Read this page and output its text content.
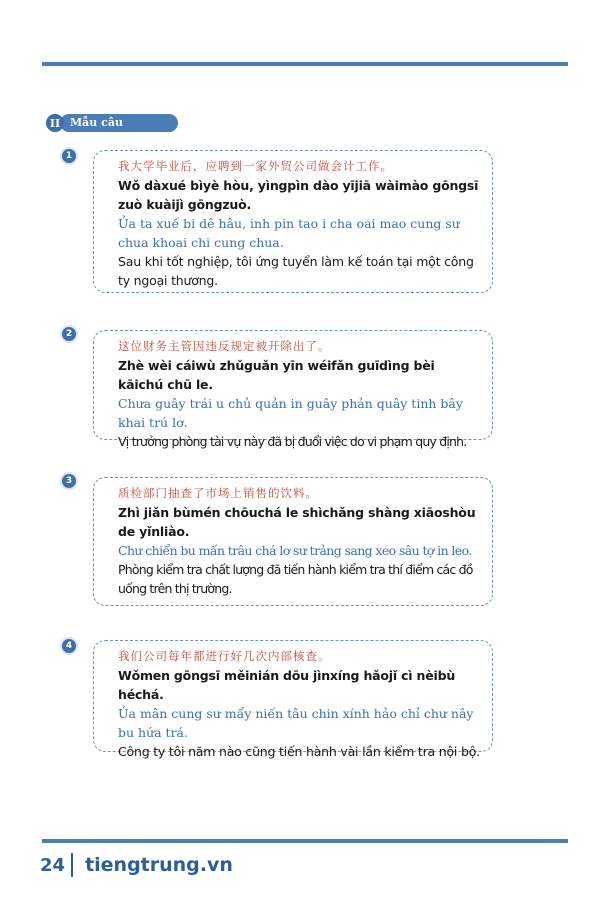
Mẫu câu
II
1
我大学毕业后，应聘到一家外贸公司做会计工作。
Wǒ dàxué bìyè hòu, yìngpìn dào yījiā wàimào gōngsī zuò kuàijì gōngzuò.
Ủa ta xuế bi dê hâu, inh pin tao i cha oai mao cung sư chua khoai chi cung chua.
Sau khi tốt nghiệp, tôi ứng tuyển làm kế toán tại một công ty ngoại thương.
2
这位财务主管因违反规定被开除出了。
Zhè wèi cáiwù zhǔguǎn yīn wéifǎn guīdìng bèi kāichú chū le.
Chưa guây trái u chủ quản in guây phản quây tinh bây khai trú lơ.
Vị trưởng phòng tài vụ này đã bị đuổi việc do vi phạm quy định.
3
质检部门抽查了市场上销售的饮料。
Zhì jiǎn bùmén chōuchá le shìchǎng shàng xiāoshòu de yǐnliào.
Chư chiển bu mấn trâu chá lơ sư trảng sang xeo sâu tợ in leo.
Phòng kiểm tra chất lượng đã tiến hành kiểm tra thí điểm các đồ uống trên thị trường.
4
我们公司每年都进行好几次内部核查。
Wǒmen gōngsī měinián dōu jìnxíng hǎojǐ cì nèibù héchá.
Ủa mân cung sư mẩy niến tâu chin xính hảo chỉ chư nây bu hứa trá.
Công ty tôi năm nào cũng tiến hành vài lần kiểm tra nội bộ.
24 tiengtrung.vn
